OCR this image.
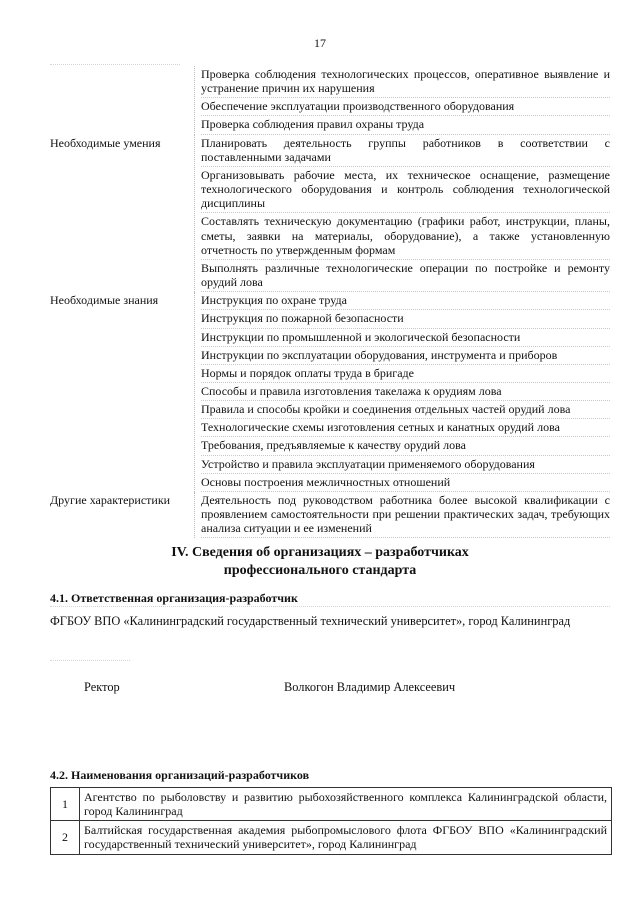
17
Проверка соблюдения технологических процессов, оперативное выявление и устранение причин их нарушения
Обеспечение эксплуатации производственного оборудования
Проверка соблюдения правил охраны труда
Необходимые умения	Планировать деятельность группы работников в соответствии с поставленными задачами
Организовывать рабочие места, их техническое оснащение, размещение технологического оборудования и контроль соблюдения технологической дисциплины
Составлять техническую документацию (графики работ, инструкции, планы, сметы, заявки на материалы, оборудование), а также установленную отчетность по утвержденным формам
Выполнять различные технологические операции по постройке и ремонту орудий лова
Необходимые знания	Инструкция по охране труда
Инструкция по пожарной безопасности
Инструкции по промышленной и экологической безопасности
Инструкции по эксплуатации оборудования, инструмента и приборов
Нормы и порядок оплаты труда в бригаде
Способы и правила изготовления такелажа к орудиям лова
Правила и способы кройки и соединения отдельных частей орудий лова
Технологические схемы изготовления сетных и канатных орудий лова
Требования, предъявляемые к качеству орудий лова
Устройство и правила эксплуатации применяемого оборудования
Основы построения межличностных отношений
Другие характеристики	Деятельность под руководством работника более высокой квалификации с проявлением самостоятельности при решении практических задач, требующих анализа ситуации и ее изменений
IV. Сведения об организациях – разработчиках
профессионального стандарта
4.1. Ответственная организация-разработчик
ФГБОУ ВПО «Калининградский государственный технический университет», город Калининград
Ректор	Волкогон Владимир Алексеевич
4.2. Наименования организаций-разработчиков
1	Агентство по рыболовству и развитию рыбохозяйственного комплекса Калининградской области, город Калининград
2	Балтийская государственная академия рыбопромыслового флота ФГБОУ ВПО «Калининградский государственный технический университет», город Калининград
